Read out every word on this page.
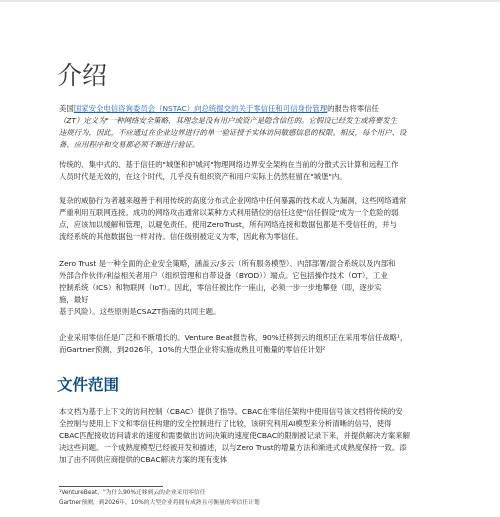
介绍

美国国家安全电信咨询委员会（NSTAC）向总统提交的关于零信任和可信身份管理的报告将零信任
（ZT）定义为"一种网络安全策略，其理念是没有用户或资产是隐含信任的。它假设已经发生或将要发生
违规行为，因此，不应通过在企业边界进行的单一验证授予实体访问敏感信息的权限。相反，每个用户、设
备、应用程序和交易都必须不断进行验证。

传统的、集中式的、基于信任的"城堡和护城河"物理网络边界安全架构在当前的分散式云计算和远程工作
人员时代是无效的，在这个时代，几乎没有组织资产和用户实际上仍然驻留在"城堡"内。

复杂的威胁行为者越来越善于利用传统的高度分布式企业网络中任何暴露的技术或人为漏洞，这些网络通常
严重利用互联网连接。成功的网络攻击通常以某种方式利用错位的信任这使"信任假设"成为一个危险的弱
点，应该加以缓解和管理，以避免责任。使用ZeroTrust，所有网络连接和数据包都是不受信任的，并与
流经系统的其他数据包一样对待。信任级别被定义为零，因此称为零信任。

Zero Trust 是一种全面的企业安全策略，涵盖云/多云（所有服务模型）、内部部署/混合系统以及内部和
外部合作伙伴/利益相关者用户（组织管理和自带设备（BYOD））端点。它包括操作技术（OT），工业
控制系统（ICS）和物联网（IoT）。因此，零信任被比作一座山，必须一步一步地攀登（即，逐步实
施，最好
基于风险）。这些原则是CSAZT指南的共同主题。

企业采用零信任是广泛和不断增长的。Venture Beat报告称，90%迁移到云的组织正在采用零信任战略¹，
而Gartner预测，到2026年，10%的大型企业将实施成熟且可衡量的零信任计划²

文件范围

本文档为基于上下文的访问控制（CBAC）提供了指导。CBAC在零信任架构中使用信号该文档将传统的安
全控制与使用上下文和零信任构建的安全控制进行了比较，该研究利用AI模型来分析清晰的信号，使得
CBAC匹配接收访问请求的速度和需要做出访问决策的速度使CBAC的限制被记录下来，并提供解决方案来解
决这些问题。一个成熟度模型已经被开发和描述，以与Zero Trust的增量方法和渐进式成熟度保持一致。添
加了由不同供应商提供的CBAC解决方案的现有变体

¹VentureBeat，"为什么90%迁移到云的企业采用零信任
Gartner预测，到2026年，10%的大型企业将拥有成熟且可衡量的零信任计划
